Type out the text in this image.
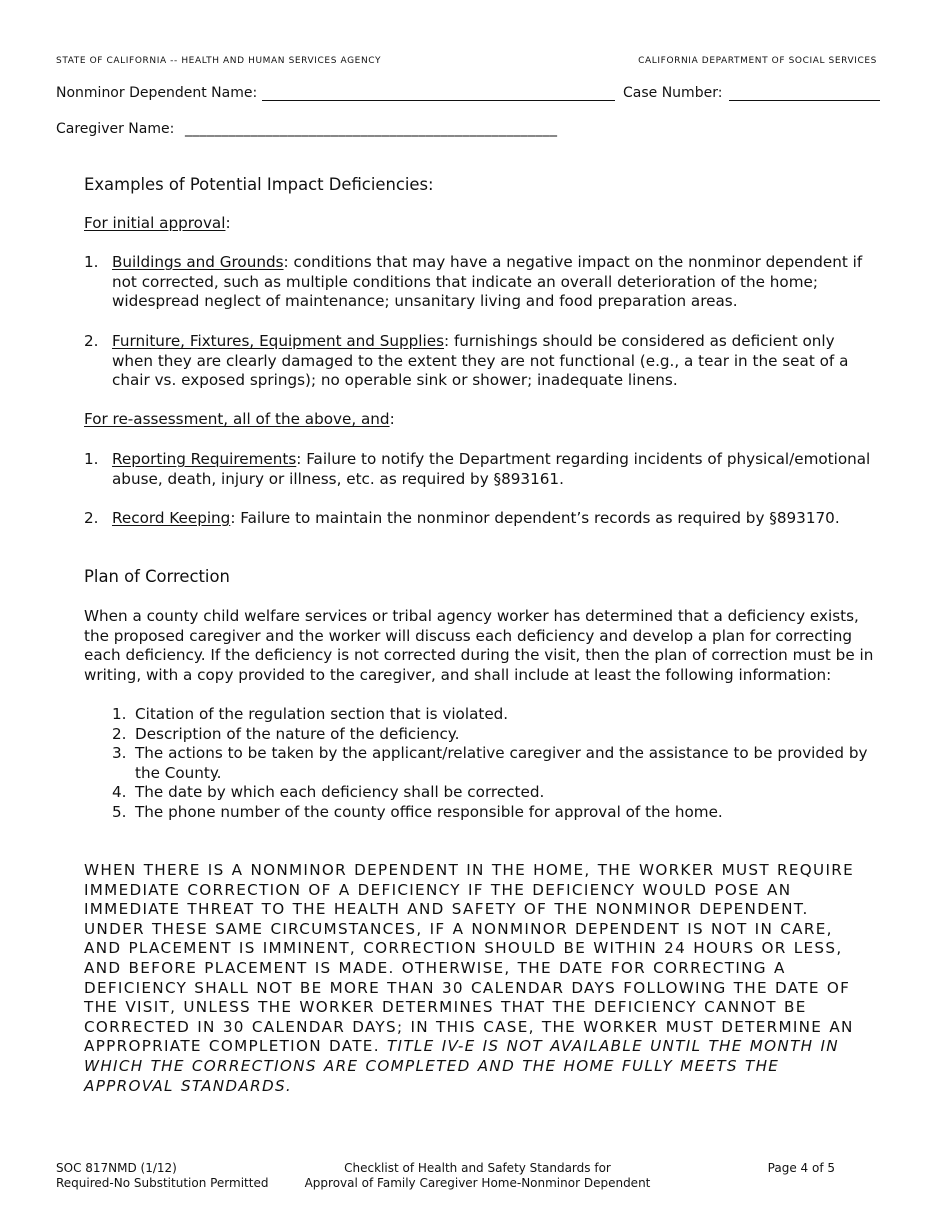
STATE OF CALIFORNIA -- HEALTH AND HUMAN SERVICES AGENCY	CALIFORNIA DEPARTMENT OF SOCIAL SERVICES
Nonminor Dependent Name:	Case Number:
Caregiver Name: ___________________________________________________
Examples of Potential Impact Deficiencies:
For initial approval:
1. Buildings and Grounds: conditions that may have a negative impact on the nonminor dependent if not corrected, such as multiple conditions that indicate an overall deterioration of the home; widespread neglect of maintenance; unsanitary living and food preparation areas.
2. Furniture, Fixtures, Equipment and Supplies: furnishings should be considered as deficient only when they are clearly damaged to the extent they are not functional (e.g., a tear in the seat of a chair vs. exposed springs); no operable sink or shower; inadequate linens.
For re-assessment, all of the above, and:
1. Reporting Requirements: Failure to notify the Department regarding incidents of physical/emotional abuse, death, injury or illness, etc. as required by §893161.
2. Record Keeping: Failure to maintain the nonminor dependent’s records as required by §893170.
Plan of Correction
When a county child welfare services or tribal agency worker has determined that a deficiency exists, the proposed caregiver and the worker will discuss each deficiency and develop a plan for correcting each deficiency. If the deficiency is not corrected during the visit, then the plan of correction must be in writing, with a copy provided to the caregiver, and shall include at least the following information:
1. Citation of the regulation section that is violated.
2. Description of the nature of the deficiency.
3. The actions to be taken by the applicant/relative caregiver and the assistance to be provided by the County.
4. The date by which each deficiency shall be corrected.
5. The phone number of the county office responsible for approval of the home.
WHEN THERE IS A NONMINOR DEPENDENT IN THE HOME, THE WORKER MUST REQUIRE IMMEDIATE CORRECTION OF A DEFICIENCY IF THE DEFICIENCY WOULD POSE AN IMMEDIATE THREAT TO THE HEALTH AND SAFETY OF THE NONMINOR DEPENDENT. UNDER THESE SAME CIRCUMSTANCES, IF A NONMINOR DEPENDENT IS NOT IN CARE, AND PLACEMENT IS IMMINENT, CORRECTION SHOULD BE WITHIN 24 HOURS OR LESS, AND BEFORE PLACEMENT IS MADE. OTHERWISE, THE DATE FOR CORRECTING A DEFICIENCY SHALL NOT BE MORE THAN 30 CALENDAR DAYS FOLLOWING THE DATE OF THE VISIT, UNLESS THE WORKER DETERMINES THAT THE DEFICIENCY CANNOT BE CORRECTED IN 30 CALENDAR DAYS; IN THIS CASE, THE WORKER MUST DETERMINE AN APPROPRIATE COMPLETION DATE. TITLE IV-E IS NOT AVAILABLE UNTIL THE MONTH IN WHICH THE CORRECTIONS ARE COMPLETED AND THE HOME FULLY MEETS THE APPROVAL STANDARDS.
SOC 817NMD (1/12)
Required-No Substitution Permitted
Checklist of Health and Safety Standards for
Approval of Family Caregiver Home-Nonminor Dependent
Page 4 of 5
